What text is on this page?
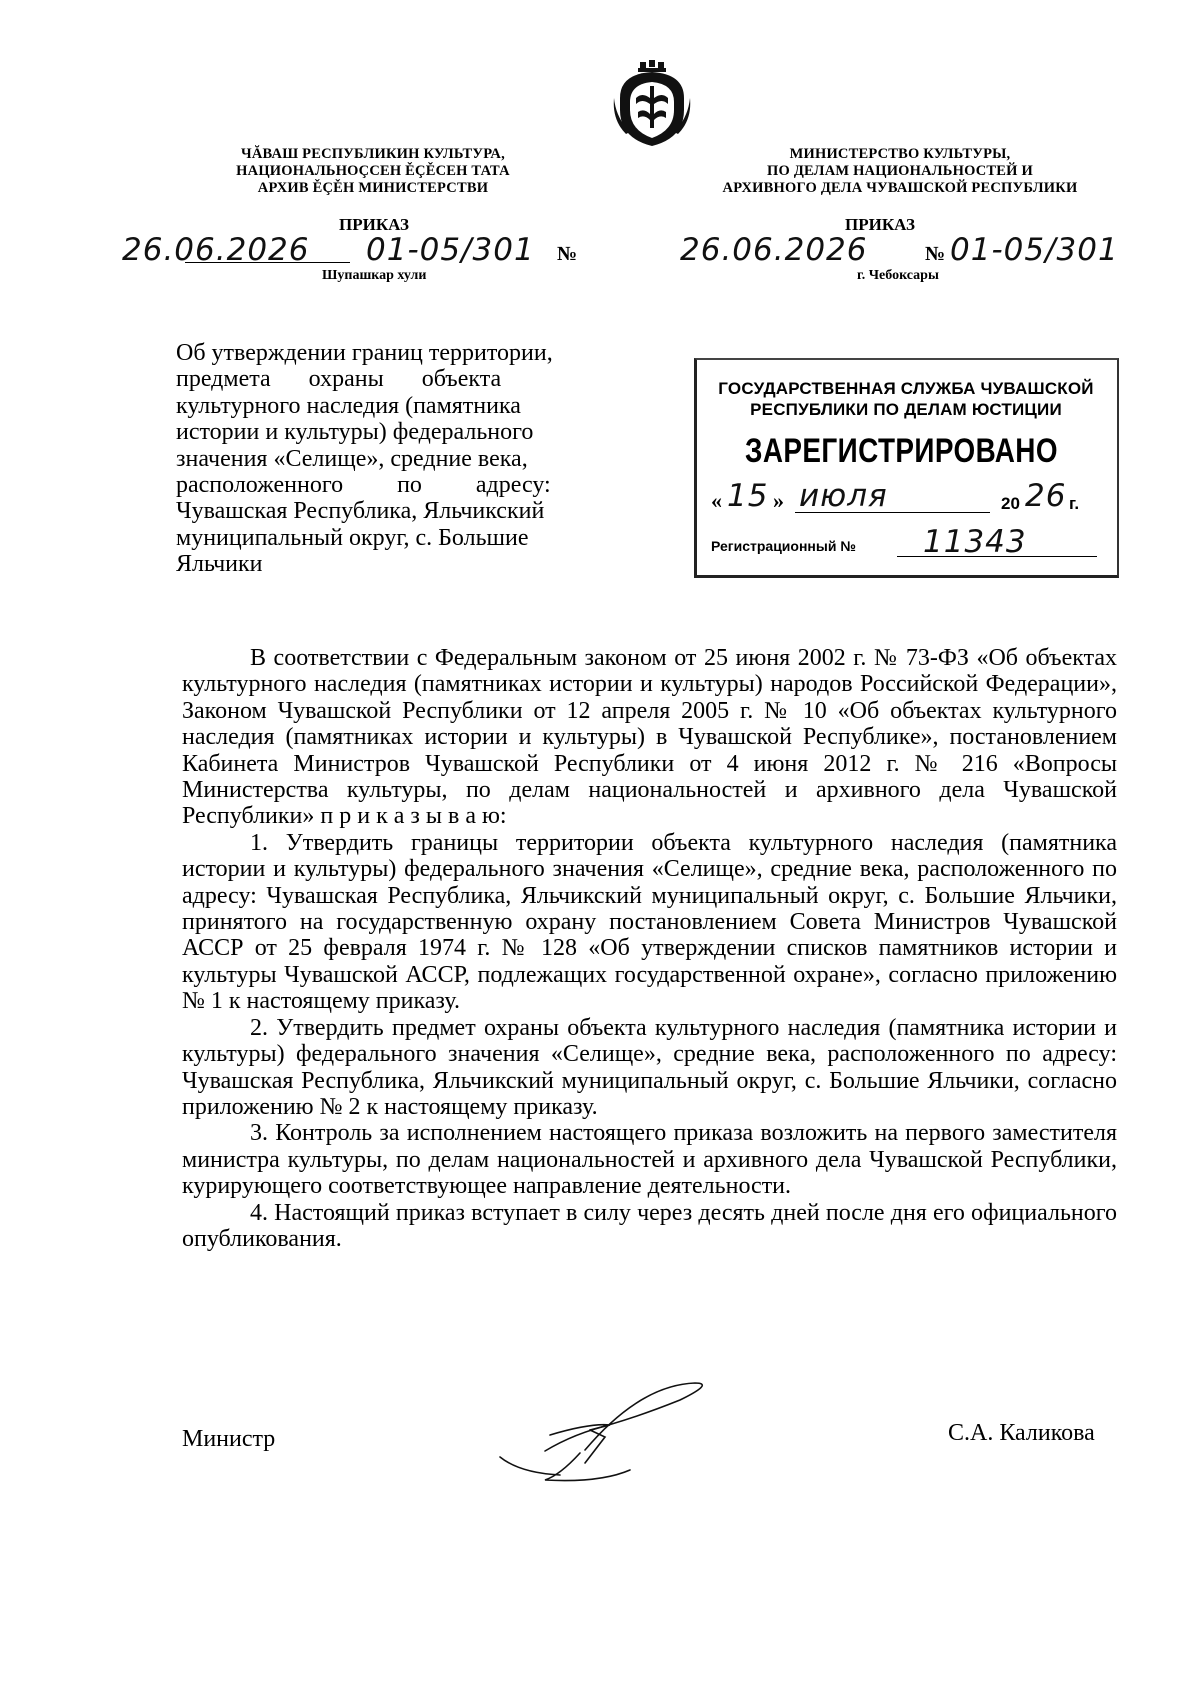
ЧĂВАШ РЕСПУБЛИКИН КУЛЬТУРА,
НАЦИОНАЛЬНОÇСЕН ĚÇĚСЕН ТАТА
АРХИВ ĚÇĚН МИНИСТЕРСТВИ
ПРИКАЗ
26.06.2026 01-05/301 №
Шупашкар хули
МИНИСТЕРСТВО КУЛЬТУРЫ,
ПО ДЕЛАМ НАЦИОНАЛЬНОСТЕЙ И
АРХИВНОГО ДЕЛА ЧУВАШСКОЙ РЕСПУБЛИКИ
ПРИКАЗ
26.06.2026	№ 01-05/301
г. Чебоксары
Об утверждении границ территории,
предмета охраны объекта
культурного наследия (памятника
истории и культуры) федерального
значения «Селище», средние века,
расположенного по адресу:
Чувашская Республика, Яльчикский
муниципальный округ, с. Большие
Яльчики
ГОСУДАРСТВЕННАЯ СЛУЖБА ЧУВАШСКОЙ
РЕСПУБЛИКИ ПО ДЕЛАМ ЮСТИЦИИ
ЗАРЕГИСТРИРОВАНО
« 15 » июля	20 26 г.
Регистрационный № 11343

В соответствии с Федеральным законом от 25 июня 2002 г. № 73-ФЗ «Об объектах культурного наследия (памятниках истории и культуры) народов Российской Федерации», Законом Чувашской Республики от 12 апреля 2005 г. № 10 «Об объектах культурного наследия (памятниках истории и культуры) в Чувашской Республике», постановлением Кабинета Министров Чувашской Республики от 4 июня 2012 г. № 216 «Вопросы Министерства культуры, по делам национальностей и архивного дела Чувашской Республики» п р и к а з ы в а ю:

1. Утвердить границы территории объекта культурного наследия (памятника истории и культуры) федерального значения «Селище», средние века, расположенного по адресу: Чувашская Республика, Яльчикский муниципальный округ, с. Большие Яльчики, принятого на государственную охрану постановлением Совета Министров Чувашской АССР от 25 февраля 1974 г. № 128 «Об утверждении списков памятников истории и культуры Чувашской АССР, подлежащих государственной охране», согласно приложению № 1 к настоящему приказу.

2. Утвердить предмет охраны объекта культурного наследия (памятника истории и культуры) федерального значения «Селище», средние века, расположенного по адресу: Чувашская Республика, Яльчикский муниципальный округ, с. Большие Яльчики, согласно приложению № 2 к настоящему приказу.

3. Контроль за исполнением настоящего приказа возложить на первого заместителя министра культуры, по делам национальностей и архивного дела Чувашской Республики, курирующего соответствующее направление деятельности.

4. Настоящий приказ вступает в силу через десять дней после дня его официального опубликования.

Министр	С.А. Каликова
